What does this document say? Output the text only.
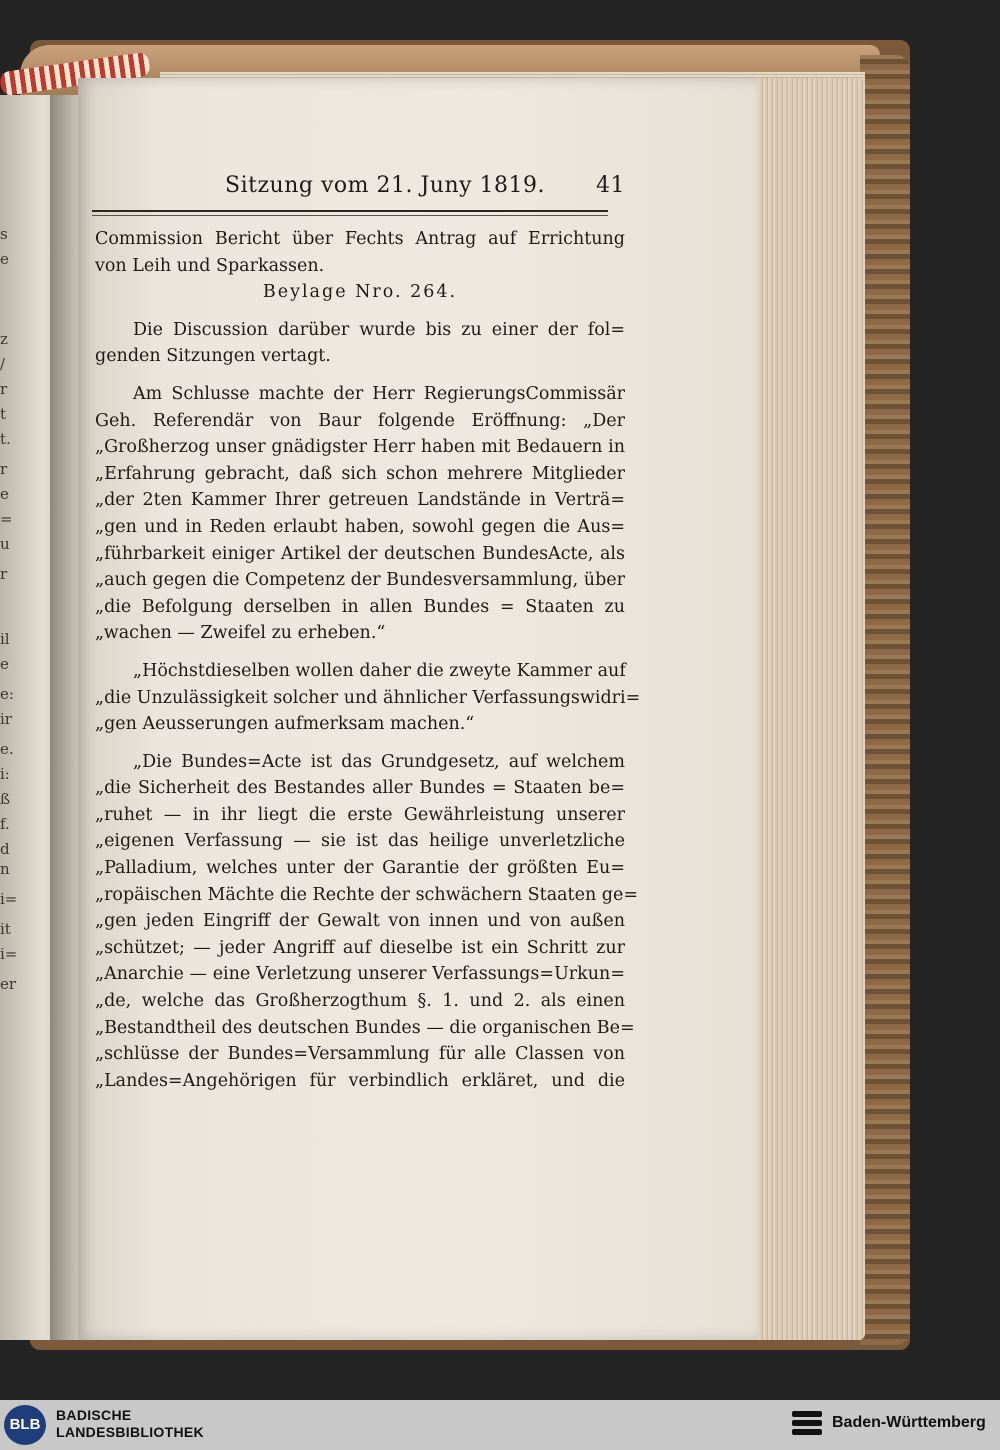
s
e
z
/
r
t
t.
r
e
=
u
r
il
e
e:
ir
e.
i:
ß
f.
d
n
i=
it
i=
er
Sitzung vom 21. Juny 1819. 41
Commission Bericht über Fechts Antrag auf Errichtung
von Leih und Sparkassen.
Beylage Nro. 264.
Die Discussion darüber wurde bis zu einer der fol=
genden Sitzungen vertagt.
Am Schlusse machte der Herr RegierungsCommissär
Geh. Referendär von Baur folgende Eröffnung: „Der
„Großherzog unser gnädigster Herr haben mit Bedauern in
„Erfahrung gebracht, daß sich schon mehrere Mitglieder
„der 2ten Kammer Ihrer getreuen Landstände in Verträ=
„gen und in Reden erlaubt haben, sowohl gegen die Aus=
„führbarkeit einiger Artikel der deutschen BundesActe, als
„auch gegen die Competenz der Bundesversammlung, über
„die Befolgung derselben in allen Bundes = Staaten zu
„wachen — Zweifel zu erheben.“
„Höchstdieselben wollen daher die zweyte Kammer auf
„die Unzulässigkeit solcher und ähnlicher Verfassungswidri=
„gen Aeusserungen aufmerksam machen.“
„Die Bundes=Acte ist das Grundgesetz, auf welchem
„die Sicherheit des Bestandes aller Bundes = Staaten be=
„ruhet — in ihr liegt die erste Gewährleistung unserer
„eigenen Verfassung — sie ist das heilige unverletzliche
„Palladium, welches unter der Garantie der größten Eu=
„ropäischen Mächte die Rechte der schwächern Staaten ge=
„gen jeden Eingriff der Gewalt von innen und von außen
„schützet; — jeder Angriff auf dieselbe ist ein Schritt zur
„Anarchie — eine Verletzung unserer Verfassungs=Urkun=
„de, welche das Großherzogthum §. 1. und 2. als einen
„Bestandtheil des deutschen Bundes — die organischen Be=
„schlüsse der Bundes=Versammlung für alle Classen von
„Landes=Angehörigen für verbindlich erkläret, und die
BLB
BADISCHE
LANDESBIBLIOTHEK
Baden-Württemberg
